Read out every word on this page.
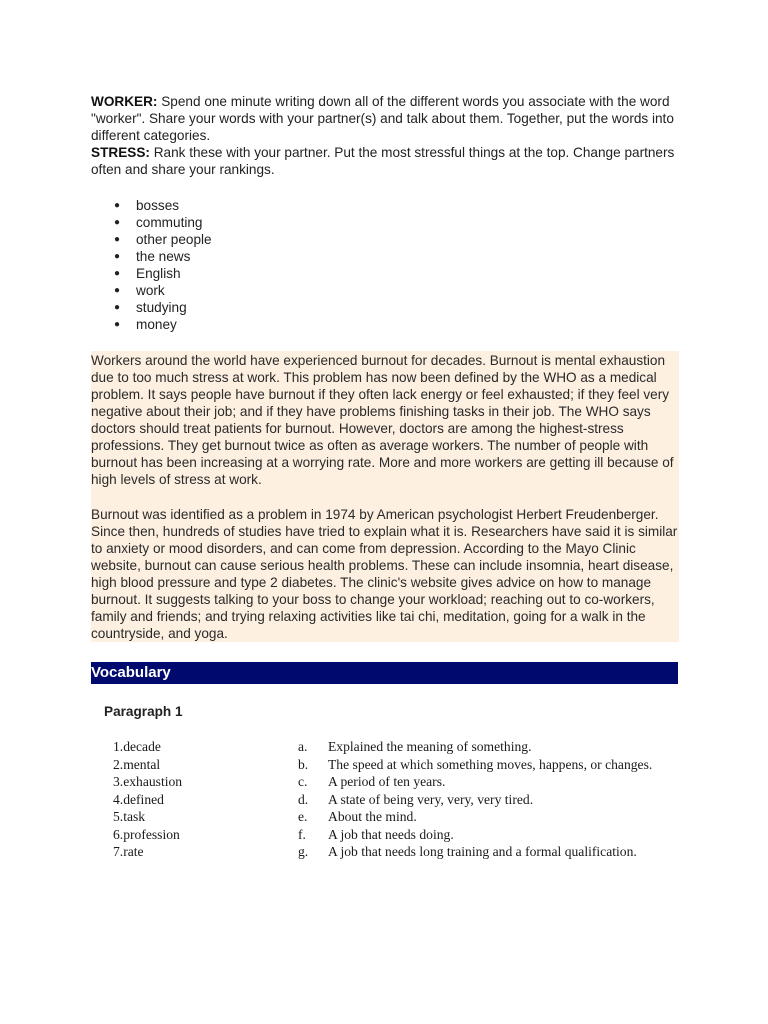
WORKER: Spend one minute writing down all of the different words you associate with the word "worker". Share your words with your partner(s) and talk about them. Together, put the words into different categories.

STRESS: Rank these with your partner. Put the most stressful things at the top. Change partners often and share your rankings.

● bosses
● commuting
● other people
● the news
● English
● work
● studying
● money

Workers around the world have experienced burnout for decades. Burnout is mental exhaustion due to too much stress at work. This problem has now been defined by the WHO as a medical problem. It says people have burnout if they often lack energy or feel exhausted; if they feel very negative about their job; and if they have problems finishing tasks in their job. The WHO says doctors should treat patients for burnout. However, doctors are among the highest-stress professions. They get burnout twice as often as average workers. The number of people with burnout has been increasing at a worrying rate. More and more workers are getting ill because of high levels of stress at work.

Burnout was identified as a problem in 1974 by American psychologist Herbert Freudenberger. Since then, hundreds of studies have tried to explain what it is. Researchers have said it is similar to anxiety or mood disorders, and can come from depression. According to the Mayo Clinic website, burnout can cause serious health problems. These can include insomnia, heart disease, high blood pressure and type 2 diabetes. The clinic's website gives advice on how to manage burnout. It suggests talking to your boss to change your workload; reaching out to co-workers, family and friends; and trying relaxing activities like tai chi, meditation, going for a walk in the countryside, and yoga.

Vocabulary
Paragraph 1
1.decade	a.	Explained the meaning of something.
2.mental	b.	The speed at which something moves, happens, or changes.
3.exhaustion	c.	A period of ten years.
4.defined	d.	A state of being very, very, very tired.
5.task	e.	About the mind.
6.profession	f.	A job that needs doing.
7.rate	g.	A job that needs long training and a formal qualification.
